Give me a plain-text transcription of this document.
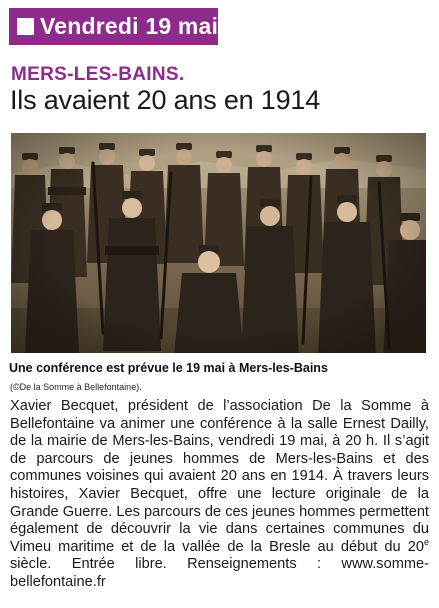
Vendredi 19 mai
MERS-LES-BAINS.
Ils avaient 20 ans en 1914
Une conférence est prévue le 19 mai à Mers-les-Bains
(©De la Somme à Bellefontaine).

Xavier Becquet, président de l’association De la Somme à Bellefontaine va animer une conférence à la salle Ernest Dailly, de la mairie de Mers-les-Bains, vendredi 19 mai, à 20 h. Il s’agit de parcours de jeunes hommes de Mers-les-Bains et des communes voisines qui avaient 20 ans en 1914. À travers leurs histoires, Xavier Becquet, offre une lecture originale de la Grande Guerre. Les parcours de ces jeunes hommes permettent également de découvrir la vie dans certaines communes du Vimeu maritime et de la vallée de la Bresle au début du 20e siècle. Entrée libre. Renseignements : www.somme-bellefontaine.fr
